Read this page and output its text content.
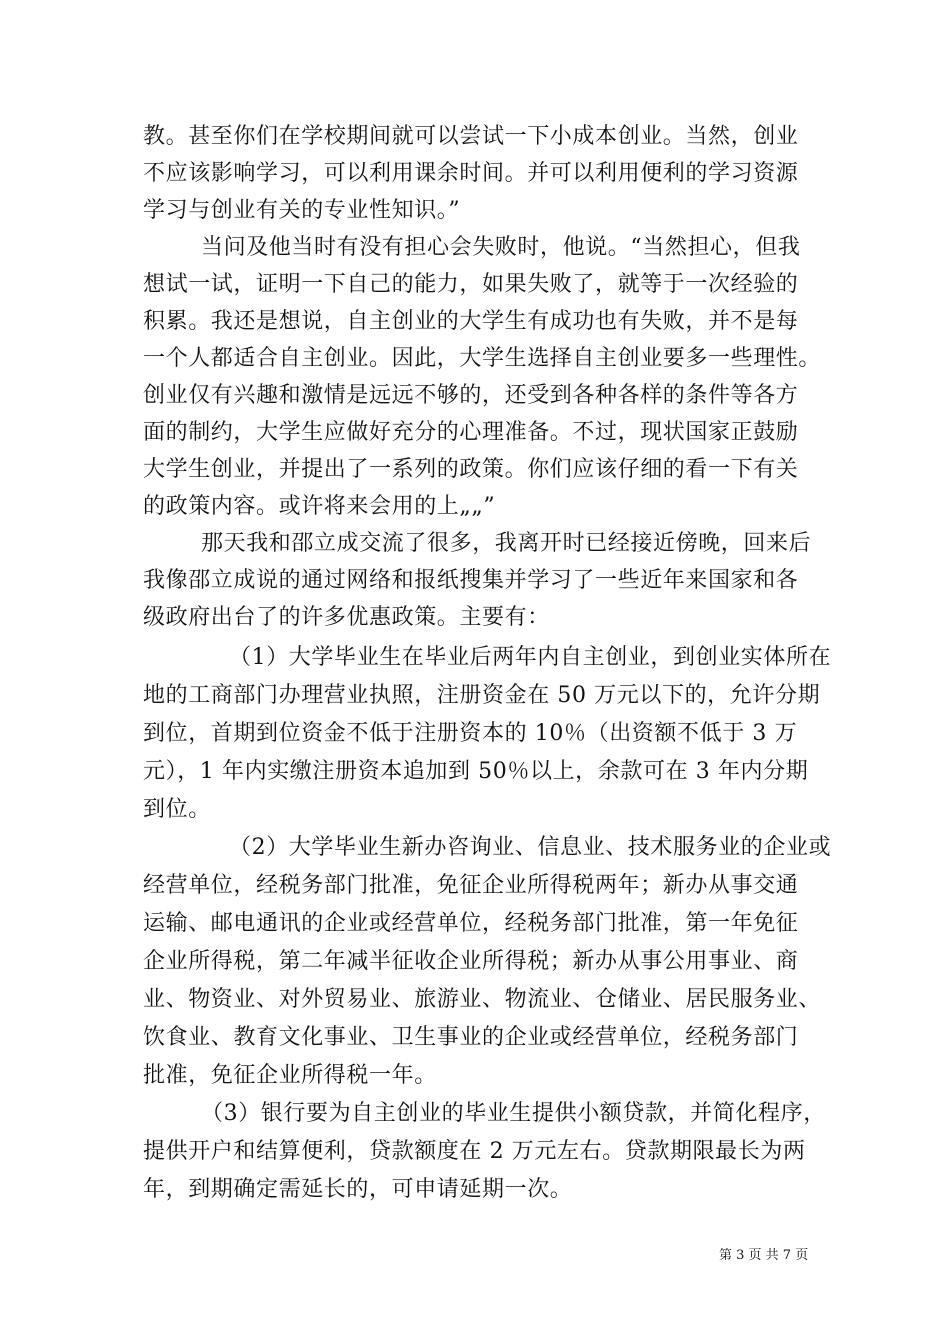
教。甚至你们在学校期间就可以尝试一下小成本创业。当然，创业
不应该影响学习，可以利用课余时间。并可以利用便利的学习资源
学习与创业有关的专业性知识。”
当问及他当时有没有担心会失败时，他说。“当然担心，但我
想试一试，证明一下自己的能力，如果失败了，就等于一次经验的
积累。我还是想说，自主创业的大学生有成功也有失败，并不是每
一个人都适合自主创业。因此，大学生选择自主创业要多一些理性。
创业仅有兴趣和激情是远远不够的，还受到各种各样的条件等各方
面的制约，大学生应做好充分的心理准备。不过，现状国家正鼓励
大学生创业，并提出了一系列的政策。你们应该仔细的看一下有关
的政策内容。或许将来会用的上„„”
那天我和邵立成交流了很多，我离开时已经接近傍晚，回来后
我像邵立成说的通过网络和报纸搜集并学习了一些近年来国家和各
级政府出台了的许多优惠政策。主要有：
（1）大学毕业生在毕业后两年内自主创业，到创业实体所在
地的工商部门办理营业执照，注册资金在 50 万元以下的，允许分期
到位，首期到位资金不低于注册资本的 10％（出资额不低于 3 万
元），1 年内实缴注册资本追加到 50％以上，余款可在 3 年内分期
到位。
（2）大学毕业生新办咨询业、信息业、技术服务业的企业或
经营单位，经税务部门批准，免征企业所得税两年；新办从事交通
运输、邮电通讯的企业或经营单位，经税务部门批准，第一年免征
企业所得税，第二年减半征收企业所得税；新办从事公用事业、商
业、物资业、对外贸易业、旅游业、物流业、仓储业、居民服务业、
饮食业、教育文化事业、卫生事业的企业或经营单位，经税务部门
批准，免征企业所得税一年。
（3）银行要为自主创业的毕业生提供小额贷款，并简化程序，
提供开户和结算便利，贷款额度在 2 万元左右。贷款期限最长为两
年，到期确定需延长的，可申请延期一次。
第 3 页 共 7 页
